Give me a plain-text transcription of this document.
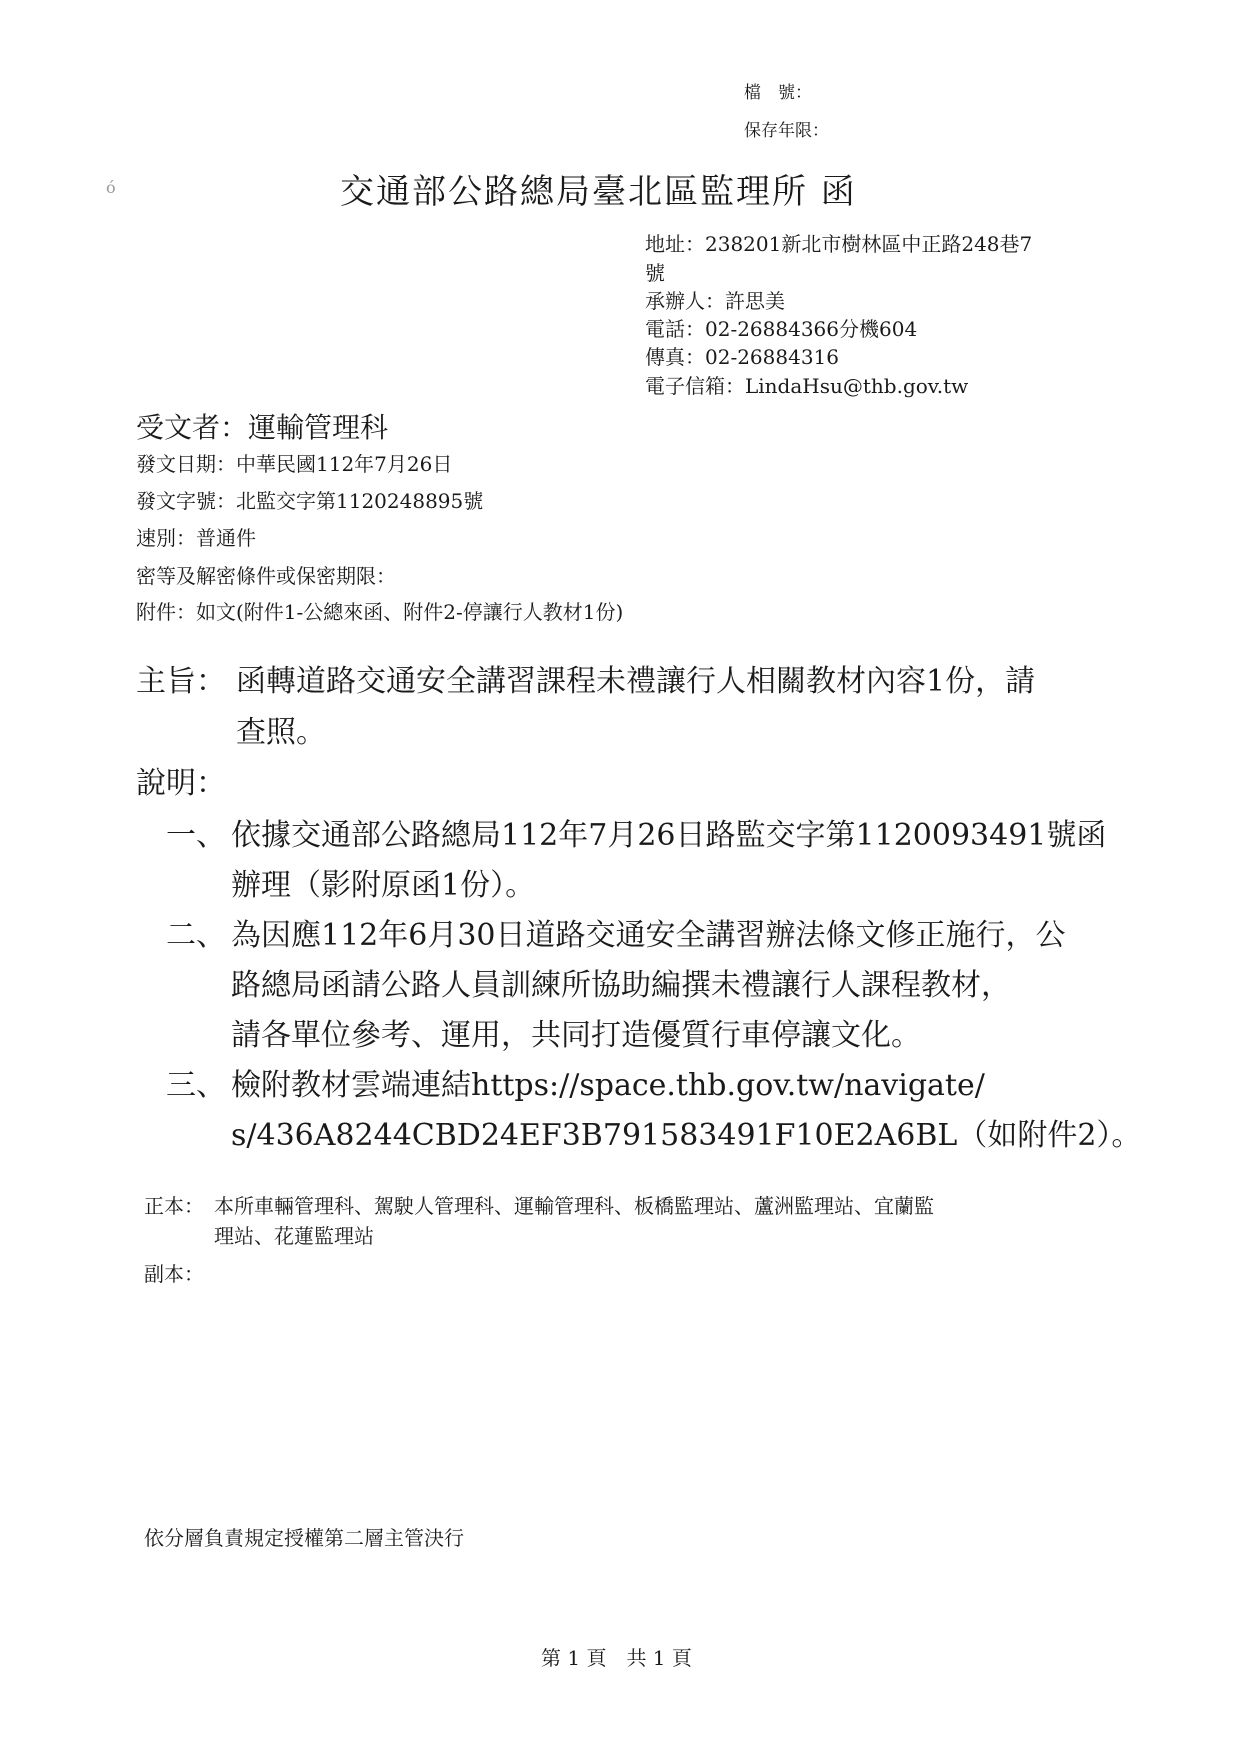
檔　號：
保存年限：
ó	交通部公路總局臺北區監理所 函
地址：238201新北市樹林區中正路248巷7
號
承辦人：許思美
電話：02-26884366分機604
傳真：02-26884316
電子信箱：LindaHsu@thb.gov.tw
受文者：運輸管理科
發文日期：中華民國112年7月26日
發文字號：北監交字第1120248895號
速別：普通件
密等及解密條件或保密期限：
附件：如文(附件1-公總來函、附件2-停讓行人教材1份)
主旨： 函轉道路交通安全講習課程未禮讓行人相關教材內容1份，請
查照。
說明：
一、 依據交通部公路總局112年7月26日路監交字第1120093491號函
辦理（影附原函1份）。
二、 為因應112年6月30日道路交通安全講習辦法條文修正施行，公
路總局函請公路人員訓練所協助編撰未禮讓行人課程教材，
請各單位參考、運用，共同打造優質行車停讓文化。
三、 檢附教材雲端連結https://space.thb.gov.tw/navigate/
s/436A8244CBD24EF3B791583491F10E2A6BL（如附件2）。
正本： 本所車輛管理科、駕駛人管理科、運輸管理科、板橋監理站、蘆洲監理站、宜蘭監
理站、花蓮監理站
副本：
依分層負責規定授權第二層主管決行
第 1 頁　共 1 頁
